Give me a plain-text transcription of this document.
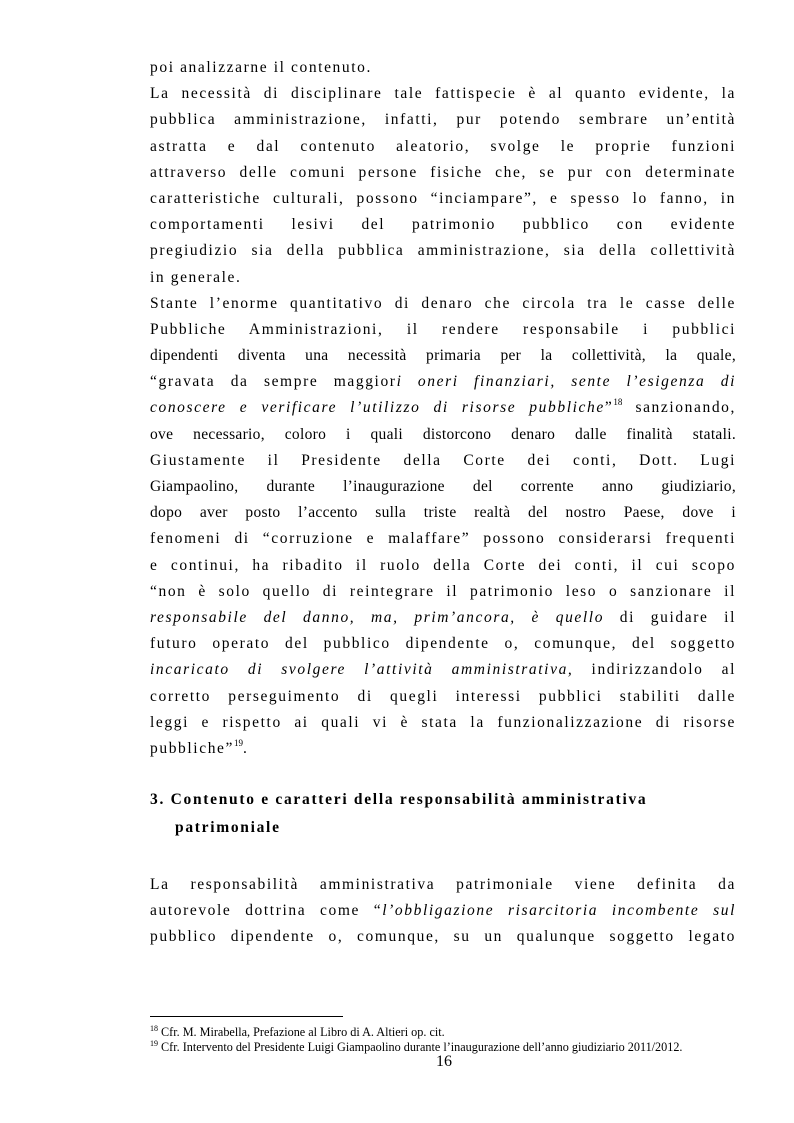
poi analizzarne il contenuto.
La necessità di disciplinare tale fattispecie è al quanto evidente, la
pubblica amministrazione, infatti, pur potendo sembrare un’entità
astratta e dal contenuto aleatorio, svolge le proprie funzioni
attraverso delle comuni persone fisiche che, se pur con determinate
caratteristiche culturali, possono “inciampare”, e spesso lo fanno, in
comportamenti lesivi del patrimonio pubblico con evidente
pregiudizio sia della pubblica amministrazione, sia della collettività
in generale.
Stante l’enorme quantitativo di denaro che circola tra le casse delle
Pubbliche Amministrazioni, il rendere responsabile i pubblici
dipendenti diventa una necessità primaria per la collettività, la quale,
“gravata da sempre maggiori oneri finanziari, sente l’esigenza di
conoscere e verificare l’utilizzo di risorse pubbliche”$^{18}$ sanzionando,
ove necessario, coloro i quali distorcono denaro dalle finalità statali.
Giustamente il Presidente della Corte dei conti, Dott. Lugi
Giampaolino, durante l’inaugurazione del corrente anno giudiziario,
dopo aver posto l’accento sulla triste realtà del nostro Paese, dove i
fenomeni di “corruzione e malaffare” possono considerarsi frequenti
e continui, ha ribadito il ruolo della Corte dei conti, il cui scopo
“non è solo quello di reintegrare il patrimonio leso o sanzionare il
responsabile del danno, ma, prim’ancora, è quello di guidare il
futuro operato del pubblico dipendente o, comunque, del soggetto
incaricato di svolgere l’attività amministrativa, indirizzandolo al
corretto perseguimento di quegli interessi pubblici stabiliti dalle
leggi e rispetto ai quali vi è stata la funzionalizzazione di risorse
pubbliche”$^{19}$.
3. Contenuto e caratteri della responsabilità amministrativa
patrimoniale
La responsabilità amministrativa patrimoniale viene definita da
autorevole dottrina come “l’obbligazione risarcitoria incombente sul
pubblico dipendente o, comunque, su un qualunque soggetto legato
$^{18}$ Cfr. M. Mirabella, Prefazione al Libro di A. Altieri op. cit.
$^{19}$ Cfr. Intervento del Presidente Luigi Giampaolino durante l’inaugurazione dell’anno giudiziario 2011/2012.
16
